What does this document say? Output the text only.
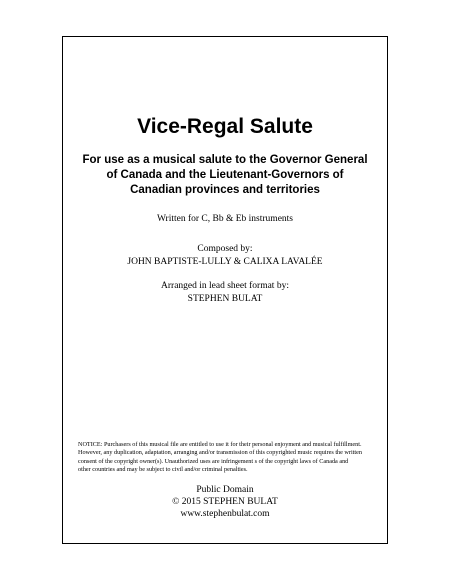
Vice-Regal Salute
For use as a musical salute to the Governor General
of Canada and the Lieutenant-Governors of
Canadian provinces and territories
Written for C, Bb & Eb instruments
Composed by:
JOHN BAPTISTE-LULLY & CALIXA LAVALÉE
Arranged in lead sheet format by:
STEPHEN BULAT
NOTICE: Purchasers of this musical file are entitled to use it for their personal enjoyment and musical fulfillment.
However, any duplication, adaptation, arranging and/or transmission of this copyrighted music requires the written
consent of the copyright owner(s). Unauthorized uses are infringement s of the copyright laws of Canada and
other countries and may be subject to civil and/or criminal penalties.
Public Domain
© 2015 STEPHEN BULAT
www.stephenbulat.com
